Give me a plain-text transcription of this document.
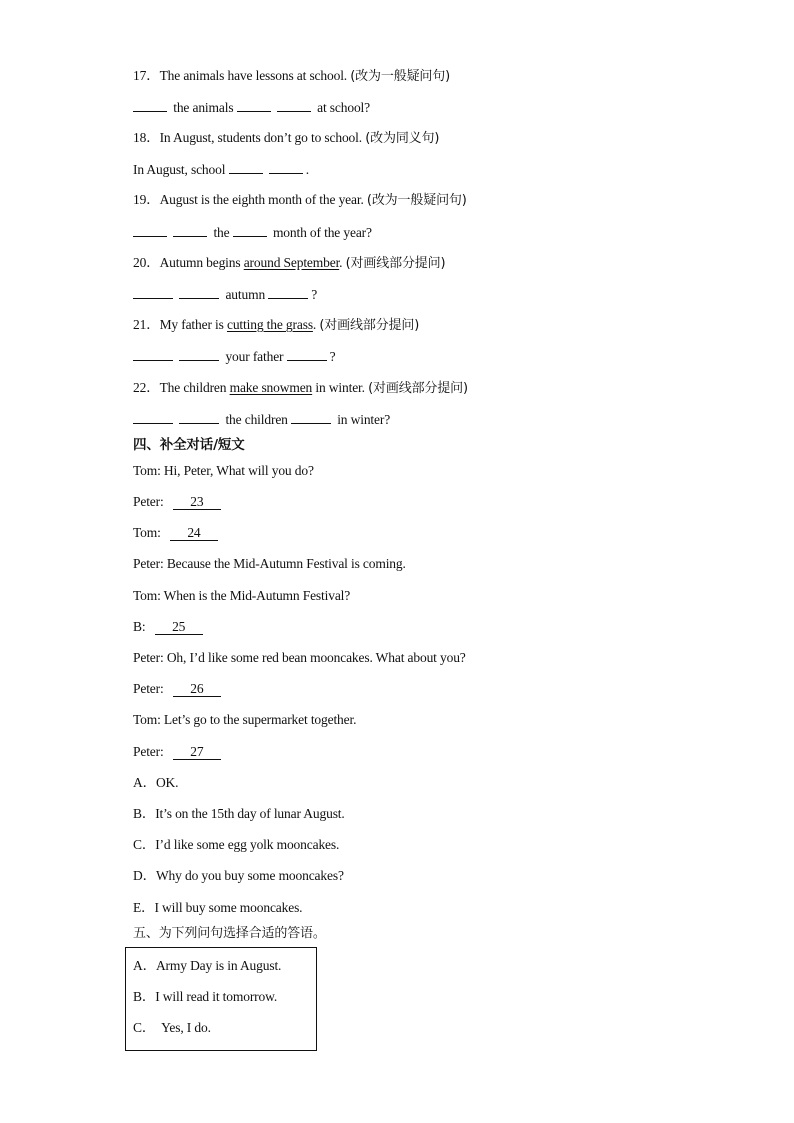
17．The animals have lessons at school. (改为一般疑问句)
the animals	at school?
18．In August, students don’t go to school. (改为同义句)
In August, school	.
19．August is the eighth month of the year. (改为一般疑问句)
the	month of the year?
20．Autumn begins around September. (对画线部分提问)
autumn	?
21．My father is cutting the grass. (对画线部分提问)
your father	?
22．The children make snowmen in winter. (对画线部分提问)
the children	in winter?
四、补全对话/短文
Tom: Hi, Peter, What will you do?
Peter: 23
Tom: 24
Peter: Because the Mid-Autumn Festival is coming.
Tom: When is the Mid-Autumn Festival?
B: 25
Peter: Oh, I’d like some red bean mooncakes. What about you?
Peter: 26
Tom: Let’s go to the supermarket together.
Peter: 27
A．OK.
B．It’s on the 15th day of lunar August.
C．I’d like some egg yolk mooncakes.
D．Why do you buy some mooncakes?
E．I will buy some mooncakes.
五、为下列问句选择合适的答语。
A．Army Day is in August.
B．I will read it tomorrow.
C．  Yes, I do.
